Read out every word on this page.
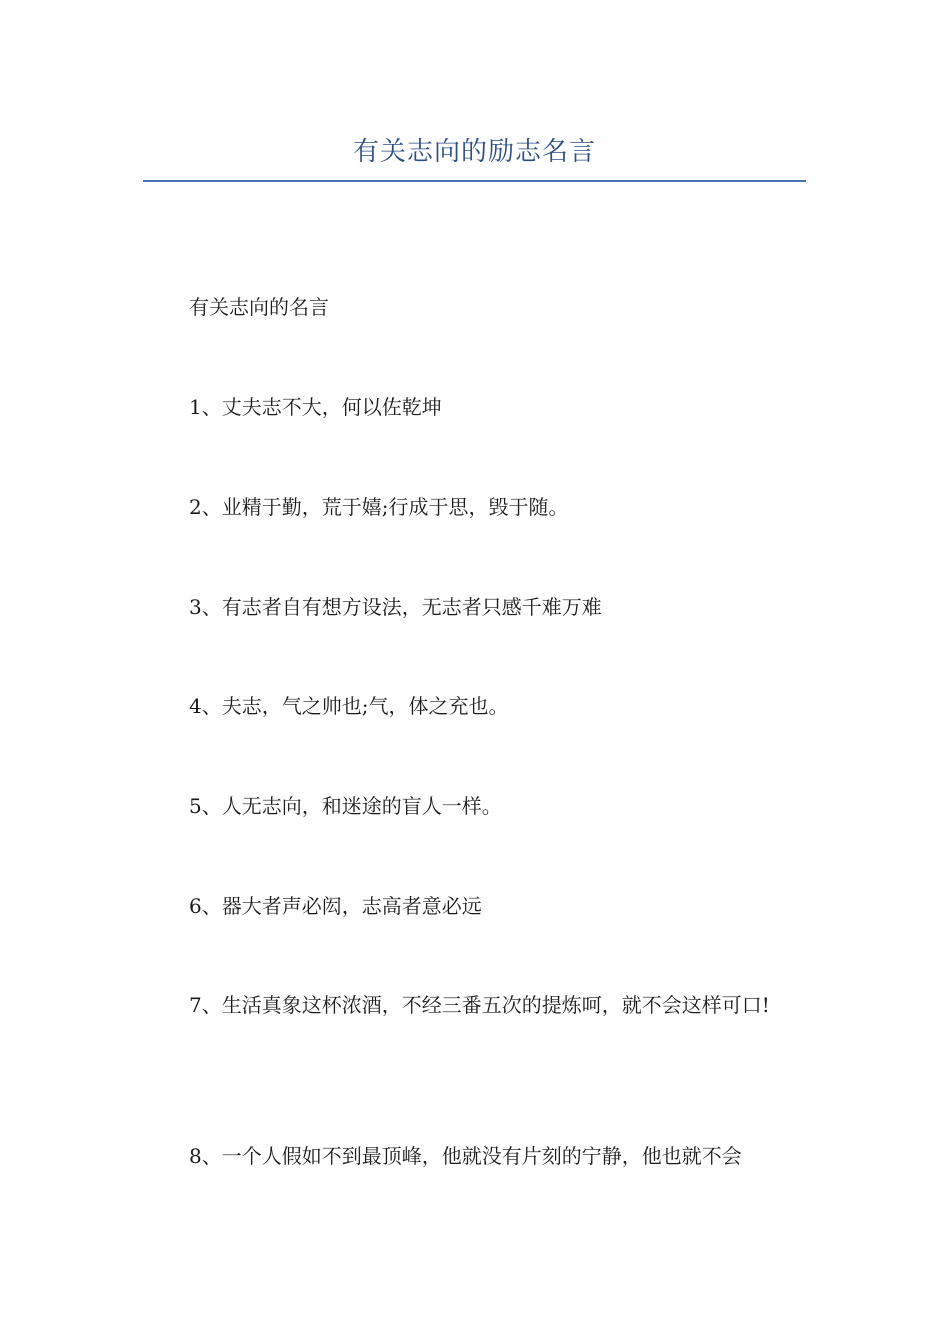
有关志向的励志名言

有关志向的名言

1、丈夫志不大，何以佐乾坤

2、业精于勤，荒于嬉;行成于思，毁于随。

3、有志者自有想方设法，无志者只感千难万难

4、夫志，气之帅也;气，体之充也。

5、人无志向，和迷途的盲人一样。

6、器大者声必闳，志高者意必远

7、生活真象这杯浓酒，不经三番五次的提炼呵，就不会这样可口!

8、一个人假如不到最顶峰，他就没有片刻的宁静，他也就不会
